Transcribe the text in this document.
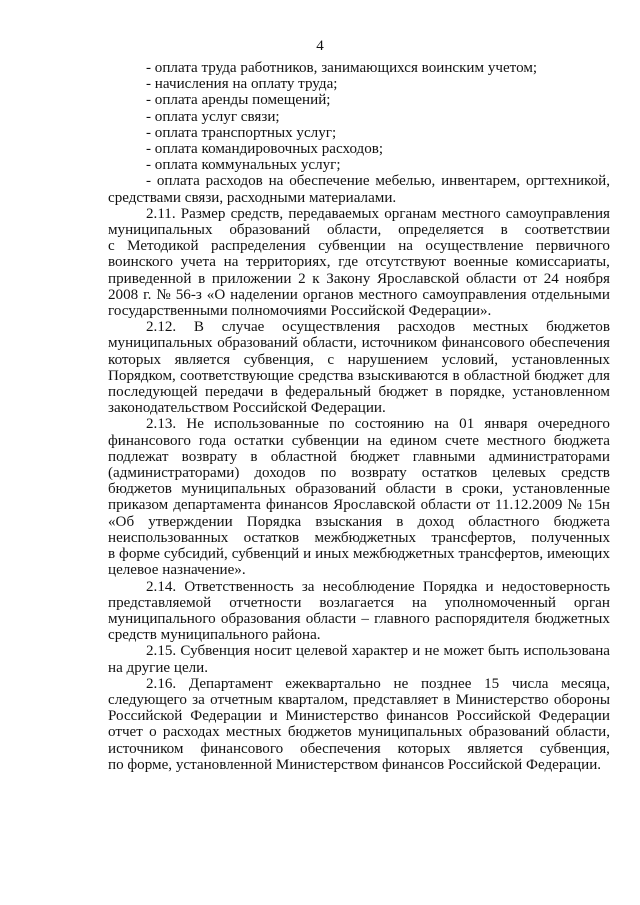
4
- оплата труда работников, занимающихся воинским учетом;
- начисления на оплату труда;
- оплата аренды помещений;
- оплата услуг связи;
- оплата транспортных услуг;
- оплата командировочных расходов;
- оплата коммунальных услуг;
- оплата расходов на обеспечение мебелью, инвентарем, оргтехникой,
средствами связи, расходными материалами.
2.11. Размер средств, передаваемых органам местного самоуправления
муниципальных образований области, определяется в соответствии
с Методикой распределения субвенции на осуществление первичного
воинского учета на территориях, где отсутствуют военные комиссариаты,
приведенной в приложении 2 к Закону Ярославской области от 24 ноября
2008 г. № 56-з «О наделении органов местного самоуправления отдельными
государственными полномочиями Российской Федерации».
2.12. В случае осуществления расходов местных бюджетов
муниципальных образований области, источником финансового обеспечения
которых является субвенция, с нарушением условий, установленных
Порядком, соответствующие средства взыскиваются в областной бюджет для
последующей передачи в федеральный бюджет в порядке, установленном
законодательством Российской Федерации.
2.13. Не использованные по состоянию на 01 января очередного
финансового года остатки субвенции на едином счете местного бюджета
подлежат возврату в областной бюджет главными администраторами
(администраторами) доходов по возврату остатков целевых средств
бюджетов муниципальных образований области в сроки, установленные
приказом департамента финансов Ярославской области от 11.12.2009 № 15н
«Об утверждении Порядка взыскания в доход областного бюджета
неиспользованных остатков межбюджетных трансфертов, полученных
в форме субсидий, субвенций и иных межбюджетных трансфертов, имеющих
целевое назначение».
2.14. Ответственность за несоблюдение Порядка и недостоверность
представляемой отчетности возлагается на уполномоченный орган
муниципального образования области – главного распорядителя бюджетных
средств муниципального района.
2.15. Субвенция носит целевой характер и не может быть использована
на другие цели.
2.16. Департамент ежеквартально не позднее 15 числа месяца,
следующего за отчетным кварталом, представляет в Министерство обороны
Российской Федерации и Министерство финансов Российской Федерации
отчет о расходах местных бюджетов муниципальных образований области,
источником финансового обеспечения которых является субвенция,
по форме, установленной Министерством финансов Российской Федерации.
